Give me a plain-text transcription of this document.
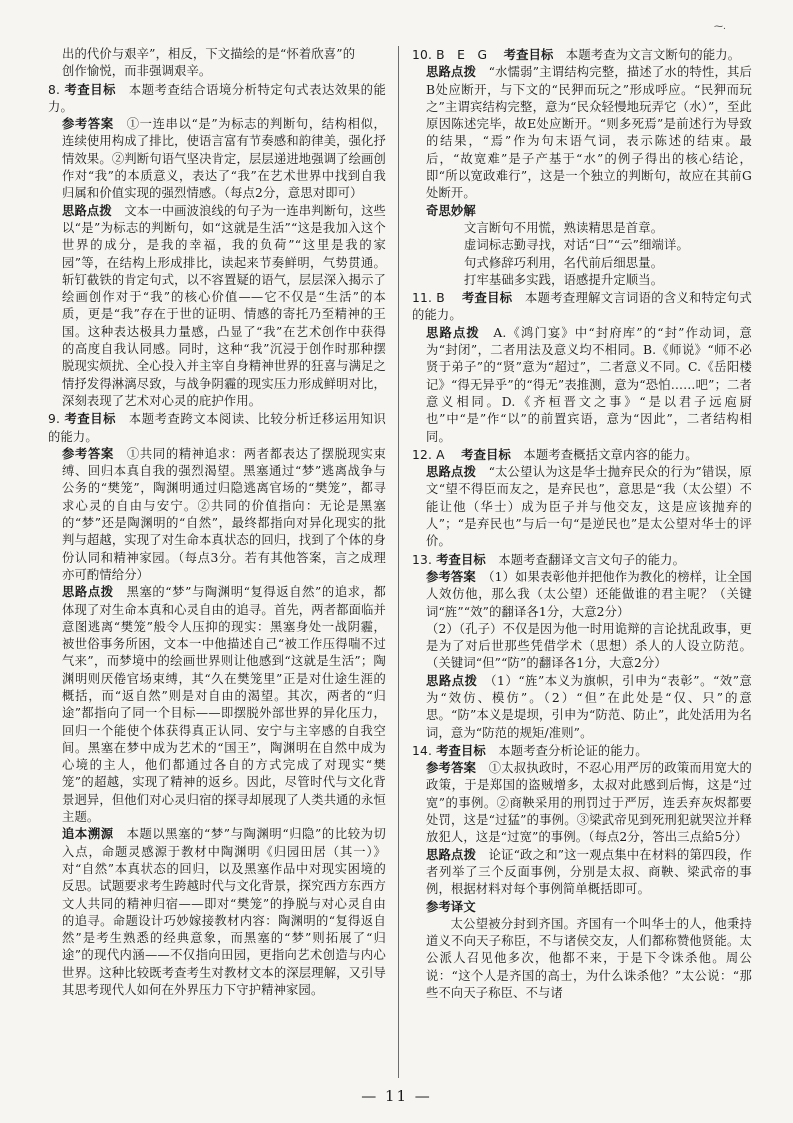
⁓.

出的代价与艰辛”，相反，下文描绘的是“怀着欣喜”的

创作愉悦，而非强调艰辛。

8. 考查目标　 本题考查结合语境分析特定句式表达效果的能力。

参考答案　 ①一连串以“是”为标志的判断句，结构相似，连续使用构成了排比，使语言富有节奏感和韵律美，强化抒情效果。②判断句语气坚决肯定，层层递进地强调了绘画创作对“我”的本质意义，表达了“我”在艺术世界中找到自我归属和价值实现的强烈情感。（每点2分，意思对即可）

思路点拨　 文本一中画波浪线的句子为一连串判断句，这些以“是”为标志的判断句，如“这就是生活”“这是我加入这个世界的成分，是我的幸福，我的负荷”“这里是我的家园”等，在结构上形成排比，读起来节奏鲜明，气势贯通。斩钉截铁的肯定句式，以不容置疑的语气，层层深入揭示了绘画创作对于“我”的核心价值——它不仅是“生活”的本质，更是“我”存在于世的证明、情感的寄托乃至精神的王国。这种表达极具力量感，凸显了“我”在艺术创作中获得的高度自我认同感。同时，这种“我”沉浸于创作时那种摆脱现实烦扰、全心投入并主宰自身精神世界的狂喜与满足之情抒发得淋漓尽致，与战争阴霾的现实压力形成鲜明对比，深刻表现了艺术对心灵的庇护作用。

9. 考查目标　 本题考查跨文本阅读、比较分析迁移运用知识的能力。

参考答案　 ①共同的精神追求：两者都表达了摆脱现实束缚、回归本真自我的强烈渴望。黑塞通过“梦”逃离战争与公务的“樊笼”，陶渊明通过归隐逃离官场的“樊笼”，都寻求心灵的自由与安宁。②共同的价值指向：无论是黑塞的“梦”还是陶渊明的“自然”，最终都指向对异化现实的批判与超越，实现了对生命本真状态的回归，找到了个体的身份认同和精神家园。（每点3分。若有其他答案，言之成理亦可酌情给分）

思路点拨　 黑塞的“梦”与陶渊明“复得返自然”的追求，都体现了对生命本真和心灵自由的追寻。首先，两者都面临并意图逃离“樊笼”般令人压抑的现实：黑塞身处一战阴霾，被世俗事务所困，文本一中他描述自己“被工作压得喘不过气来”，而梦境中的绘画世界则让他感到“这就是生活”；陶渊明则厌倦官场束缚，其“久在樊笼里”正是对仕途生涯的概括，而“返自然”则是对自由的渴望。其次，两者的“归途”都指向了同一个目标——即摆脱外部世界的异化压力，回归一个能使个体获得真正认同、安宁与主宰感的自我空间。黑塞在梦中成为艺术的“国王”，陶渊明在自然中成为心境的主人，他们都通过各自的方式完成了对现实“樊笼”的超越，实现了精神的返乡。因此，尽管时代与文化背景迥异，但他们对心灵归宿的探寻却展现了人类共通的永恒主题。

追本溯源　 本题以黑塞的“梦”与陶渊明“归隐”的比较为切入点，命题灵感源于教材中陶渊明《归园田居（其一）》对“自然”本真状态的回归，以及黑塞作品中对现实困境的反思。试题要求考生跨越时代与文化背景，探究西方东西方文人共同的精神归宿——即对“樊笼”的挣脱与对心灵自由的追寻。命题设计巧妙嫁接教材内容：陶渊明的“复得返自然”是考生熟悉的经典意象，而黑塞的“梦”则拓展了“归途”的现代内涵——不仅指向田园，更指向艺术创造与内心世界。这种比较既考查考生对教材文本的深层理解，又引导其思考现代人如何在外界压力下守护精神家园。

10. B　E　G　 考查目标　 本题考查为文言文断句的能力。

思路点拨　 “水懦弱”主谓结构完整，描述了水的特性，其后B处应断开，与下文的“民狎而玩之”形成呼应。“民狎而玩之”主谓宾结构完整，意为“民众轻慢地玩弄它（水）”，至此原因陈述完毕，故E处应断开。“则多死焉”是前述行为导致的结果，“焉”作为句末语气词，表示陈述的结束。最后，“故宽难”是子产基于“水”的例子得出的核心结论，即“所以宽政难行”，这是一个独立的判断句，故应在其前G处断开。

奇思妙解

文言断句不用慌，熟读精思是首章。

虚词标志勤寻找，对话“曰”“云”细端详。

句式修辞巧利用，名代前后细思量。

打牢基础多实践，语感提升定顺当。

11. B　 考查目标　 本题考查理解文言词语的含义和特定句式的能力。

思路点拨　 A.《鸿门宴》中“封府库”的“封”作动词，意为“封闭”，二者用法及意义均不相同。B.《师说》“师不必贤于弟子”的“贤”意为“超过”，二者意义不同。C.《岳阳楼记》“得无异乎”的“得无”表推测，意为“恐怕……吧”；二者意义相同。D.《齐桓晋文之事》“是以君子远庖厨也”中“是”作“以”的前置宾语，意为“因此”，二者结构相同。

12. A　 考查目标　 本题考查概括文章内容的能力。

思路点拨　 “太公望认为这是华士抛弃民众的行为”错误，原文“望不得臣而友之，是弃民也”，意思是“我（太公望）不能让他（华士）成为臣子并与他交友，这是应该抛弃的人”；“是弃民也”与后一句“是逆民也”是太公望对华士的评价。

13. 考查目标　 本题考查翻译文言文句子的能力。

参考答案　 （1）如果表彰他并把他作为教化的榜样，让全国人效仿他，那么我（太公望）还能做谁的君主呢？（关键词“旌”“效”的翻译各1分，大意2分）

（2）（孔子）不仅是因为他一时用诡辩的言论扰乱政事，更是为了对后世那些凭借学术（思想）杀人的人设立防范。（关键词“但”“防”的翻译各1分，大意2分）

思路点拨　 （1）“旌”本义为旗帜，引申为“表彰”。“效”意为“效仿、模仿”。（2）“但”在此处是“仅、只”的意思。“防”本义是堤坝，引申为“防范、防止”，此处活用为名词，意为“防范的规矩/准则”。

14. 考查目标　 本题考查分析论证的能力。

参考答案　 ①太叔执政时，不忍心用严厉的政策而用宽大的政策，于是郑国的盗贼增多，太叔对此感到后悔，这是“过宽”的事例。②商鞅采用的刑罚过于严厉，连丢弃灰烬都要处罚，这是“过猛”的事例。③梁武帝见到死刑犯就哭泣并释放犯人，这是“过宽”的事例。（每点2分，答出三点給5分）

思路点拨　 论证“政之和”这一观点集中在材料的第四段，作者列举了三个反面事例，分别是太叔、商鞅、梁武帝的事例，根据材料对每个事例简单概括即可。

参考译文

太公望被分封到齐国。齐国有一个叫华士的人，他秉持道义不向天子称臣，不与诸侯交友，人们都称赞他贤能。太公派人召见他多次，他都不来，于是下令诛杀他。周公说：“这个人是齐国的高士，为什么诛杀他？”太公说：“那些不向天子称臣、不与诸

— 11 —
